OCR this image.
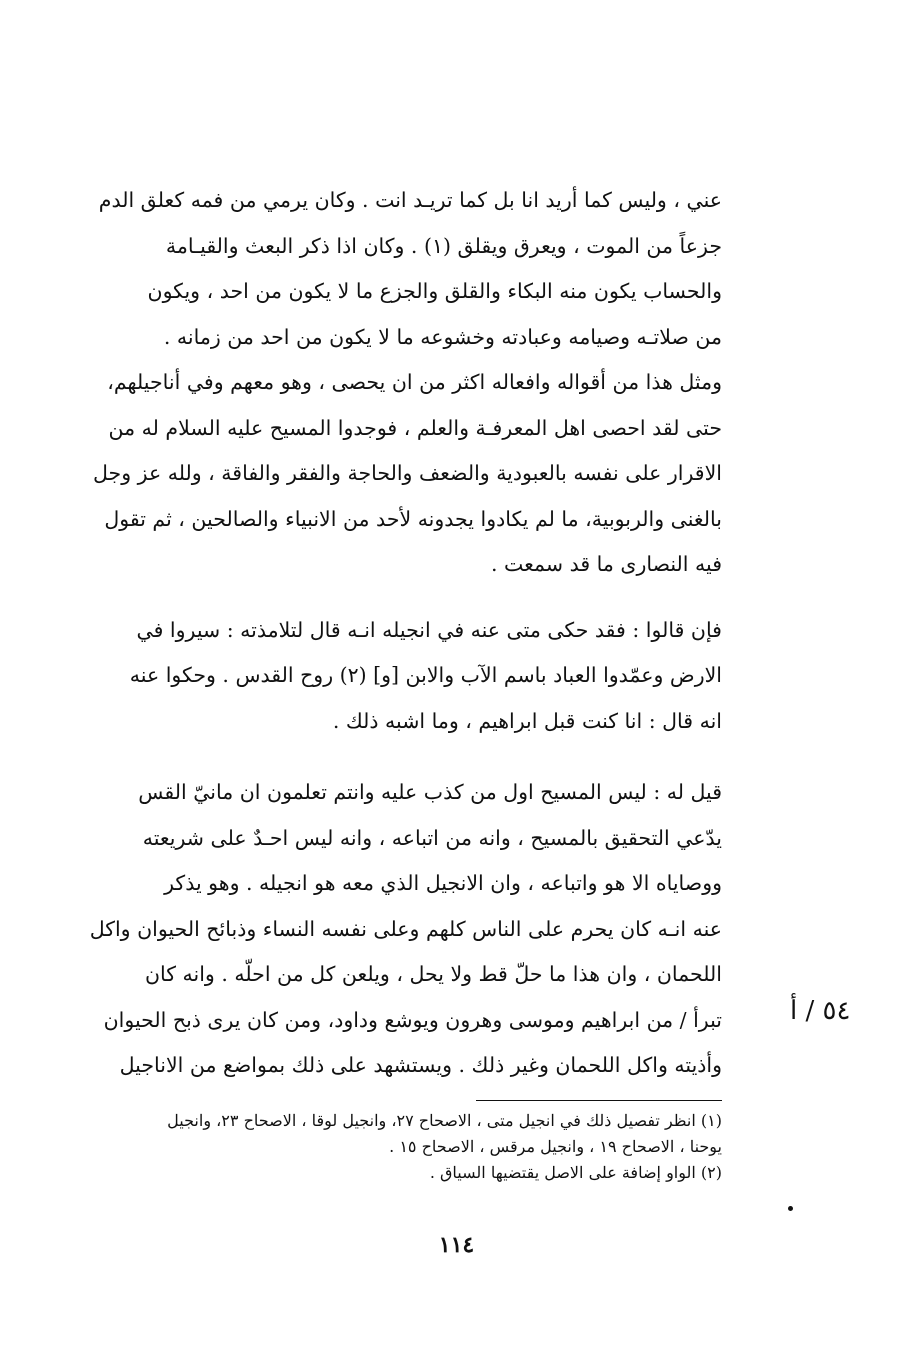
عني ، وليس كما أريد انا بل كما تريـد انت . وكان يرمي من فمه كعلق الدم

جزعاً من الموت ، ويعرق ويقلق (١) . وكان اذا ذكر البعث والقيـامة

والحساب يكون منه البكاء والقلق والجزع ما لا يكون من احد ، ويكون

من صلاتـه وصيامه وعبادته وخشوعه ما لا يكون من احد من زمانه .

ومثل هذا من أقواله وافعاله اكثر من ان يحصى ، وهو معهم وفي أناجيلهم،

حتى لقد احصى اهل المعرفـة والعلم ، فوجدوا المسيح عليه السلام له من

الاقرار على نفسه بالعبودية والضعف والحاجة والفقر والفاقة ، ولله عز وجل

بالغنى والربوبية، ما لم يكادوا يجدونه لأحد من الانبياء والصالحين ، ثم تقول

فيه النصارى ما قد سمعت .

فإن قالوا : فقد حكى متى عنه في انجيله انـه قال لتلامذته : سيروا في

الارض وعمّدوا العباد باسم الآب والابن [و] (٢) روح القدس . وحكوا عنه

انه قال : انا كنت قبل ابراهيم ، وما اشبه ذلك .

قيل له : ليس المسيح اول من كذب عليه وانتم تعلمون ان مانيّ القس

يدّعي التحقيق بالمسيح ، وانه من اتباعه ، وانه ليس احـدٌ على شريعته

ووصاياه الا هو واتباعه ، وان الانجيل الذي معه هو انجيله . وهو يذكر

عنه انـه كان يحرم على الناس كلهم وعلى نفسه النساء وذبائح الحيوان واكل

اللحمان ، وان هذا ما حلّ قط ولا يحل ، ويلعن كل من احلّه . وانه كان

تبرأ / من ابراهيم وموسى وهرون ويوشع وداود، ومن كان يرى ذبح الحيوان

وأذيته واكل اللحمان وغير ذلك . ويستشهد على ذلك بمواضع من الاناجيل

٥٤ / أ

(١) انظر تفصيل ذلك في انجيل متى ، الاصحاح ٢٧، وانجيل لوقا ، الاصحاح ٢٣، وانجيل

يوحنا ، الاصحاح ١٩ ، وانجيل مرقس ، الاصحاح ١٥ .

(٢) الواو إضافة على الاصل يقتضيها السياق .

١١٤
